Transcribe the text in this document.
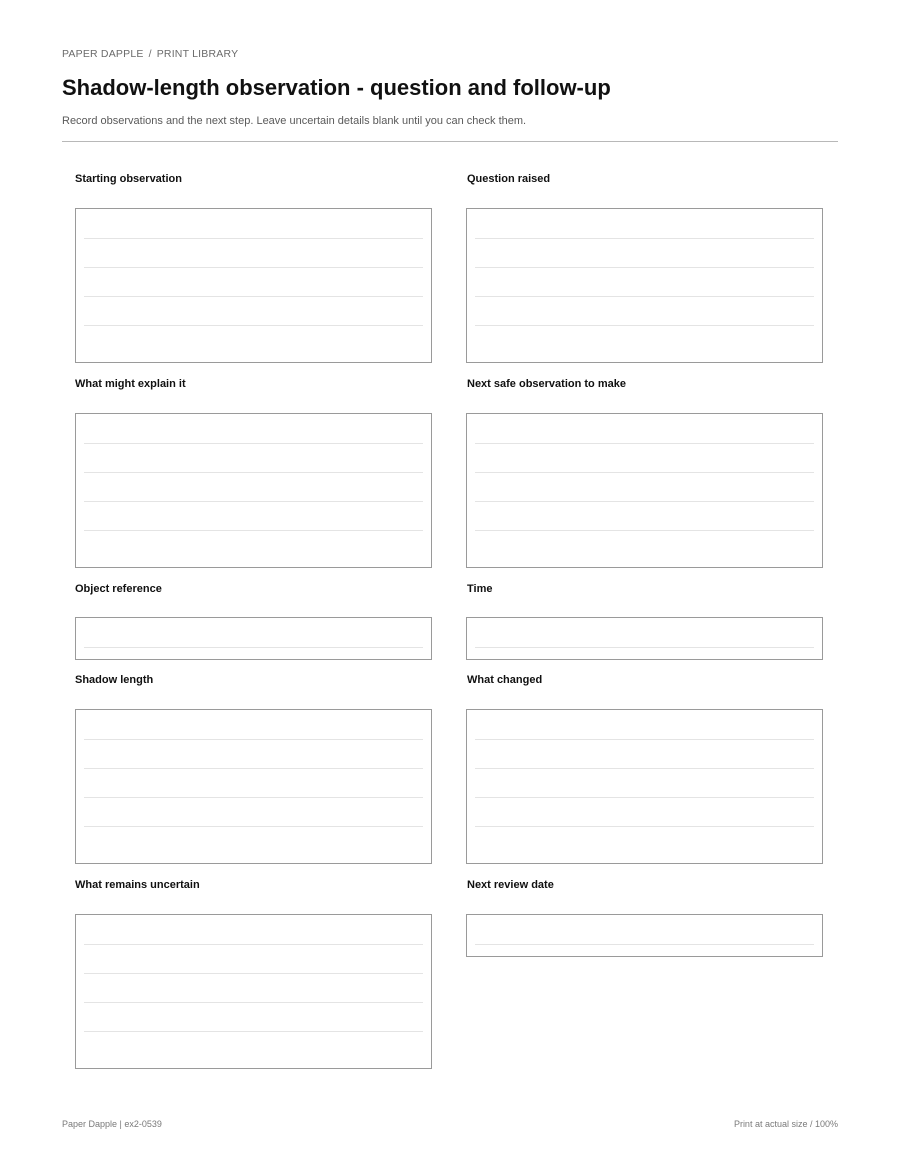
PAPER DAPPLE / PRINT LIBRARY
Shadow-length observation - question and follow-up
Record observations and the next step. Leave uncertain details blank until you can check them.
Starting observation	Question raised
What might explain it	Next safe observation to make
Object reference	Time
Shadow length	What changed
What remains uncertain	Next review date
Paper Dapple | ex2-0539	Print at actual size / 100%
